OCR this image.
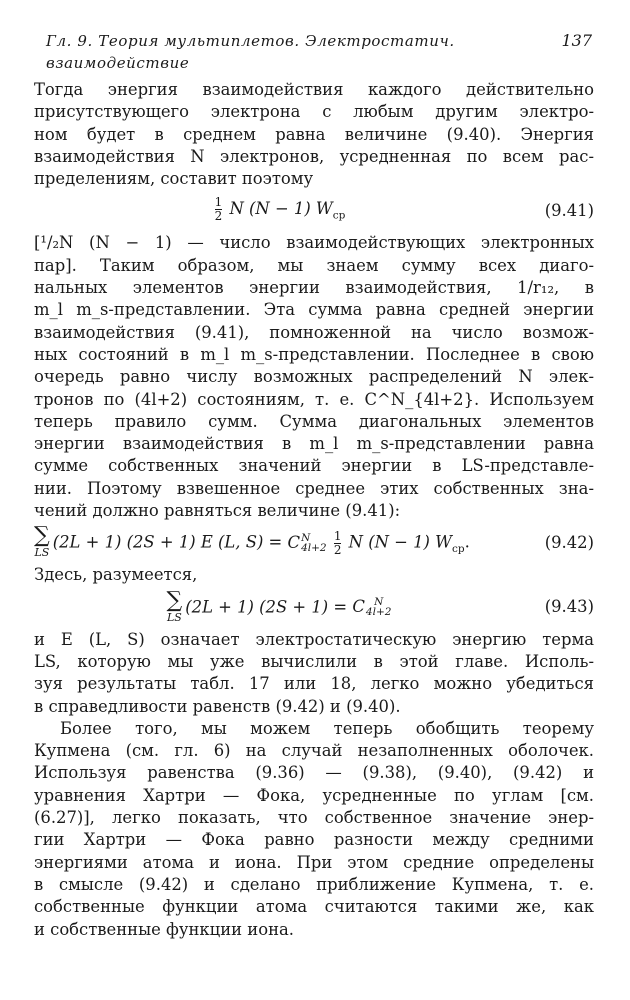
Гл. 9. Теория мультиплетов. Электростатич. взаимодействие
137
Тогда энергия взаимодействия каждого действительно
присутствующего электрона с любым другим электро-
ном будет в среднем равна величине (9.40). Энергия
взаимодействия N электронов, усредненная по всем рас-
пределениям, составит поэтому
$\frac{1}{2}$ N (N − 1) $W_{ср}$	(9.41)
[¹/₂N (N − 1) — число взаимодействующих электронных
пар]. Таким образом, мы знаем сумму всех диаго-
нальных элементов энергии взаимодействия, 1/r₁₂, в
m_l m_s-представлении. Эта сумма равна средней энергии
взаимодействия (9.41), помноженной на число возмож-
ных состояний в m_l m_s-представлении. Последнее в свою
очередь равно числу возможных распределений N элек-
тронов по (4l+2) состояниям, т. е. C^N_{4l+2}. Используем
теперь правило сумм. Сумма диагональных элементов
энергии взаимодействия в m_l m_s-представлении равна
сумме собственных значений энергии в LS-представле-
нии. Поэтому взвешенное среднее этих собственных зна-
чений должно равняться величине (9.41):
∑
LS
(2L + 1) (2S + 1) E (L, S) = C N
4l+2
$\frac{1}{2}$ N (N − 1) $W_{ср}$.	(9.42)
Здесь, разумеется,
∑
LS
(2L + 1) (2S + 1) = C N
4l+2	(9.43)
и E (L, S) означает электростатическую энергию терма
LS, которую мы уже вычислили в этой главе. Исполь-
зуя результаты табл. 17 или 18, легко можно убедиться
в справедливости равенств (9.42) и (9.40).
Более того, мы можем теперь обобщить теорему
Купмена (см. гл. 6) на случай незаполненных оболочек.
Используя равенства (9.36) — (9.38), (9.40), (9.42) и
уравнения Хартри — Фока, усредненные по углам [см.
(6.27)], легко показать, что собственное значение энер-
гии Хартри — Фока равно разности между средними
энергиями атома и иона. При этом средние определены
в смысле (9.42) и сделано приближение Купмена, т. е.
собственные функции атома считаются такими же, как
и собственные функции иона.
